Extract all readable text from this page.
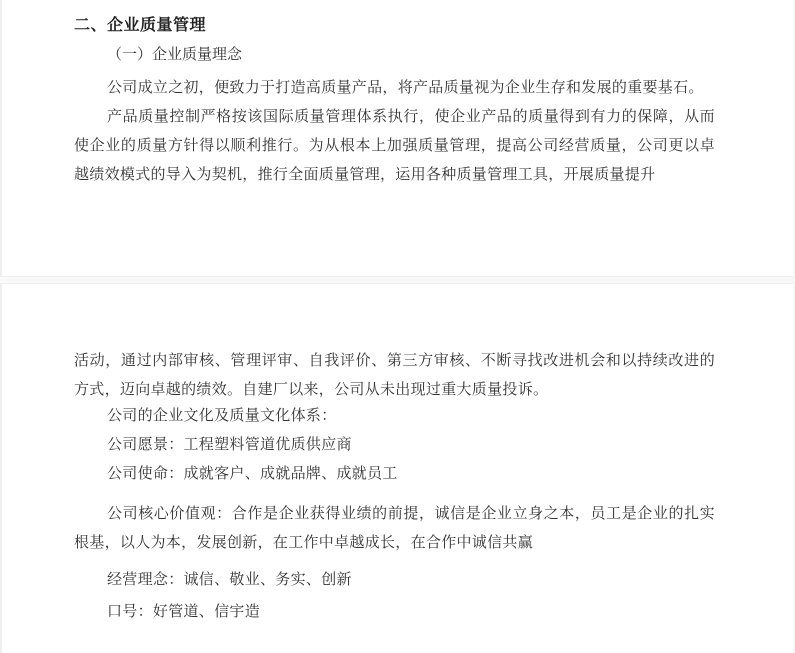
二、企业质量管理
（一）企业质量理念

公司成立之初，便致力于打造高质量产品，将产品质量视为企业生存和发展的重要基石。

产品质量控制严格按该国际质量管理体系执行，使企业产品的质量得到有力的保障，从而使企业的质量方针得以顺利推行。为从根本上加强质量管理，提高公司经营质量，公司更以卓越绩效模式的导入为契机，推行全面质量管理，运用各种质量管理工具，开展质量提升

活动，通过内部审核、管理评审、自我评价、第三方审核、不断寻找改进机会和以持续改进的方式，迈向卓越的绩效。自建厂以来，公司从未出现过重大质量投诉。

公司的企业文化及质量文化体系：

公司愿景：工程塑料管道优质供应商

公司使命：成就客户、成就品牌、成就员工

公司核心价值观：合作是企业获得业绩的前提，诚信是企业立身之本，员工是企业的扎实根基，以人为本，发展创新，在工作中卓越成长，在合作中诚信共赢

经营理念：诚信、敬业、务实、创新

口号：好管道、信宇造
